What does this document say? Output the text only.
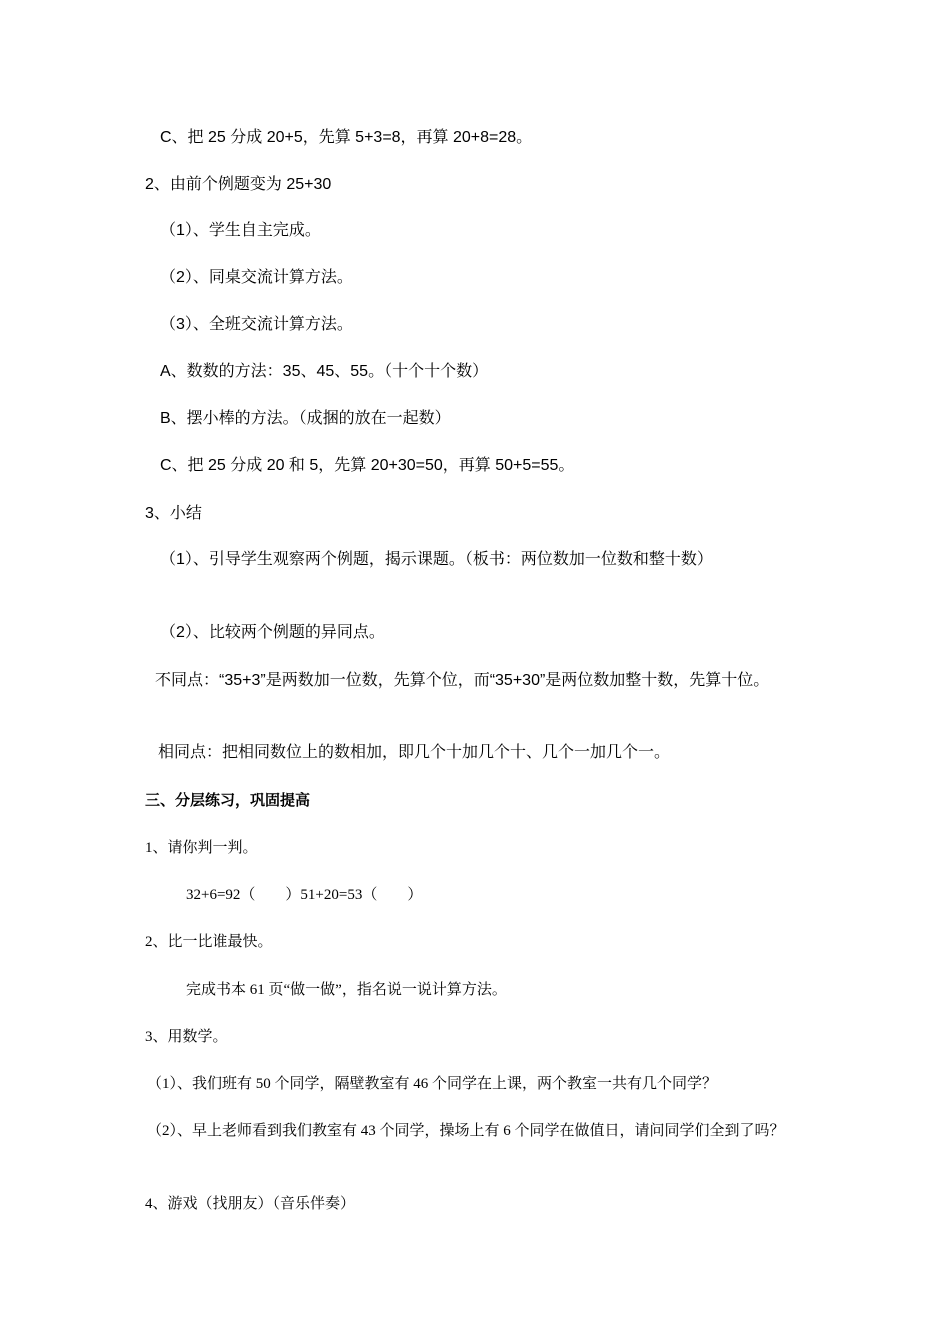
C、把 25 分成 20+5，先算 5+3=8，再算 20+8=28。
2、由前个例题变为 25+30
（1）、学生自主完成。
（2）、同桌交流计算方法。
（3）、全班交流计算方法。
A、数数的方法：35、45、55。（十个十个数）
B、摆小棒的方法。（成捆的放在一起数）
C、把 25 分成 20 和 5，先算 20+30=50，再算 50+5=55。
3、小结
（1）、引导学生观察两个例题，揭示课题。（板书：两位数加一位数和整十数）
（2）、比较两个例题的异同点。
不同点：“35+3”是两数加一位数，先算个位，而“35+30”是两位数加整十数，先算十位。
相同点：把相同数位上的数相加，即几个十加几个十、几个一加几个一。
三、分层练习，巩固提高
1、请你判一判。
32+6=92（　　）51+20=53（　　）
2、比一比谁最快。
完成书本 61 页“做一做”，指名说一说计算方法。
3、用数学。
（1）、我们班有 50 个同学，隔壁教室有 46 个同学在上课，两个教室一共有几个同学？
（2）、早上老师看到我们教室有 43 个同学，操场上有 6 个同学在做值日，请问同学们全到了吗？
4、游戏（找朋友）（音乐伴奏）
